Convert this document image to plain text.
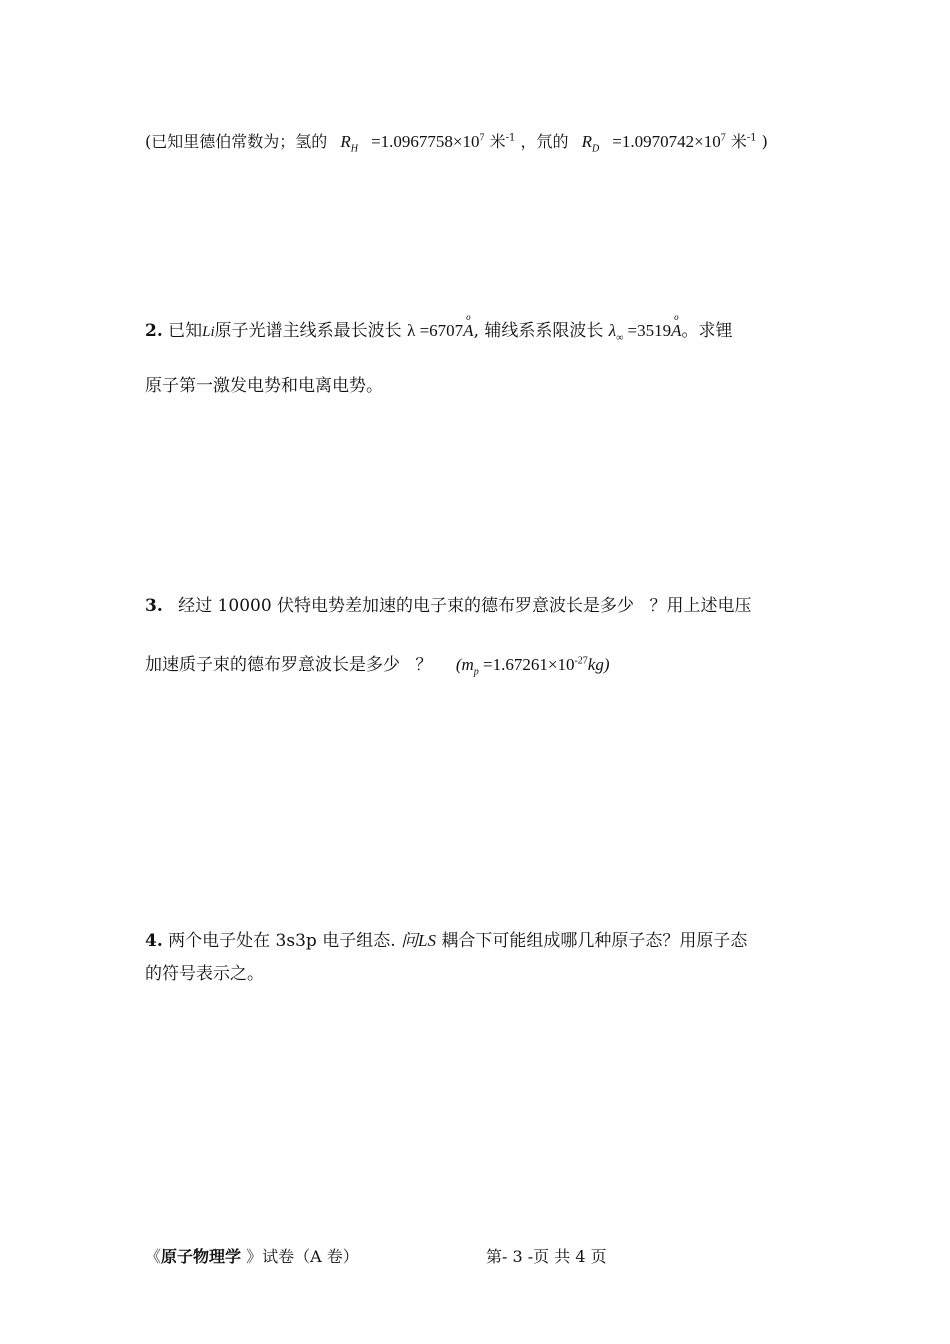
(已知里德伯常数为；氢的 $R_H =1.0967758\times 10^7$ 米$^{-1}$ ，氘的 $R_D =1.0970742\times 10^7$ 米$^{-1}$ )
2. 已知Li原子光谱主线系最长波长 λ =6707
o
A, 辅线系系限波长 $\lambda_\infty =3519$
o
A。求锂
原子第一激发电势和电离电势。
3. 经过 10000 伏特电势差加速的电子束的德布罗意波长是多少 ？用上述电压
加速质子束的德布罗意波长是多少 ？ $(m_p =1.67261\times 10^{-27}kg)$
4. 两个电子处在 3s3p 电子组态. 问LS 耦合下可能组成哪几种原子态？用原子态
的符号表示之。
《原子物理学 》试卷（A 卷）	第- 3 -页 共 4 页
